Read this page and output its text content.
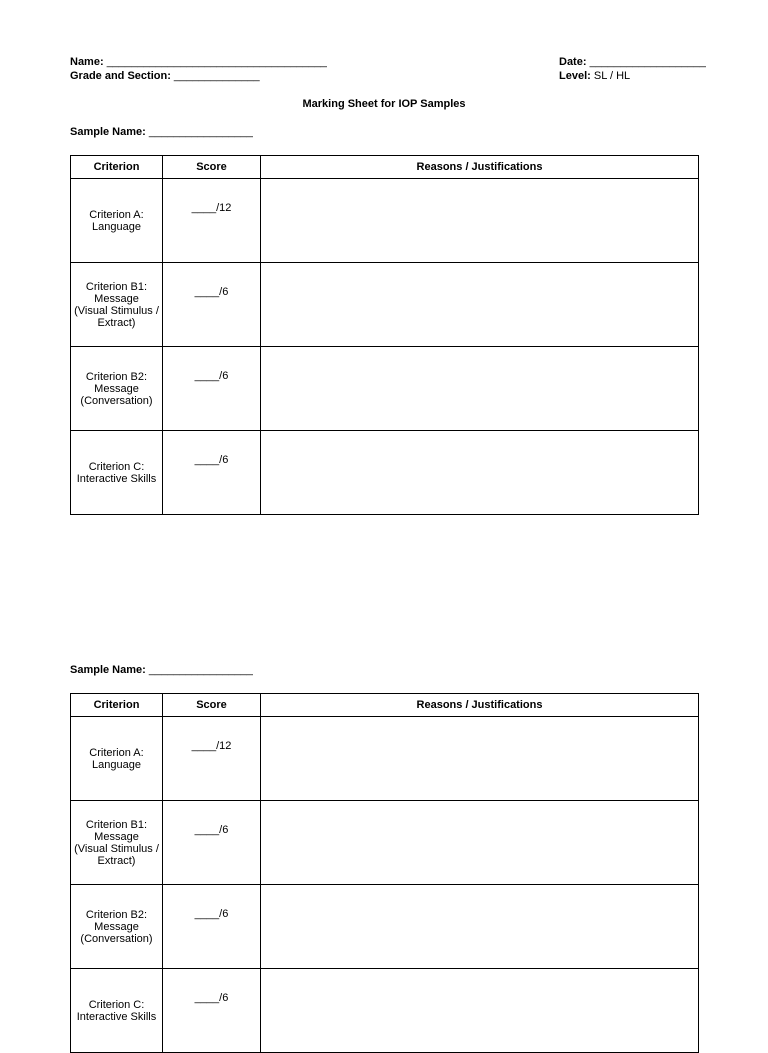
Name: ____________________________________
Grade and Section: ______________
Date: ___________________
Level: SL / HL
Marking Sheet for IOP Samples
Sample Name: _________________
Criterion	Score	Reasons / Justifications
Criterion A:
Language	____/12	
Criterion B1:
Message
(Visual Stimulus /
Extract)	____/6	
Criterion B2:
Message
(Conversation)	____/6	
Criterion C:
Interactive Skills	____/6	
Sample Name: _________________
Criterion	Score	Reasons / Justifications
Criterion A:
Language	____/12	
Criterion B1:
Message
(Visual Stimulus /
Extract)	____/6	
Criterion B2:
Message
(Conversation)	____/6	
Criterion C:
Interactive Skills	____/6	
